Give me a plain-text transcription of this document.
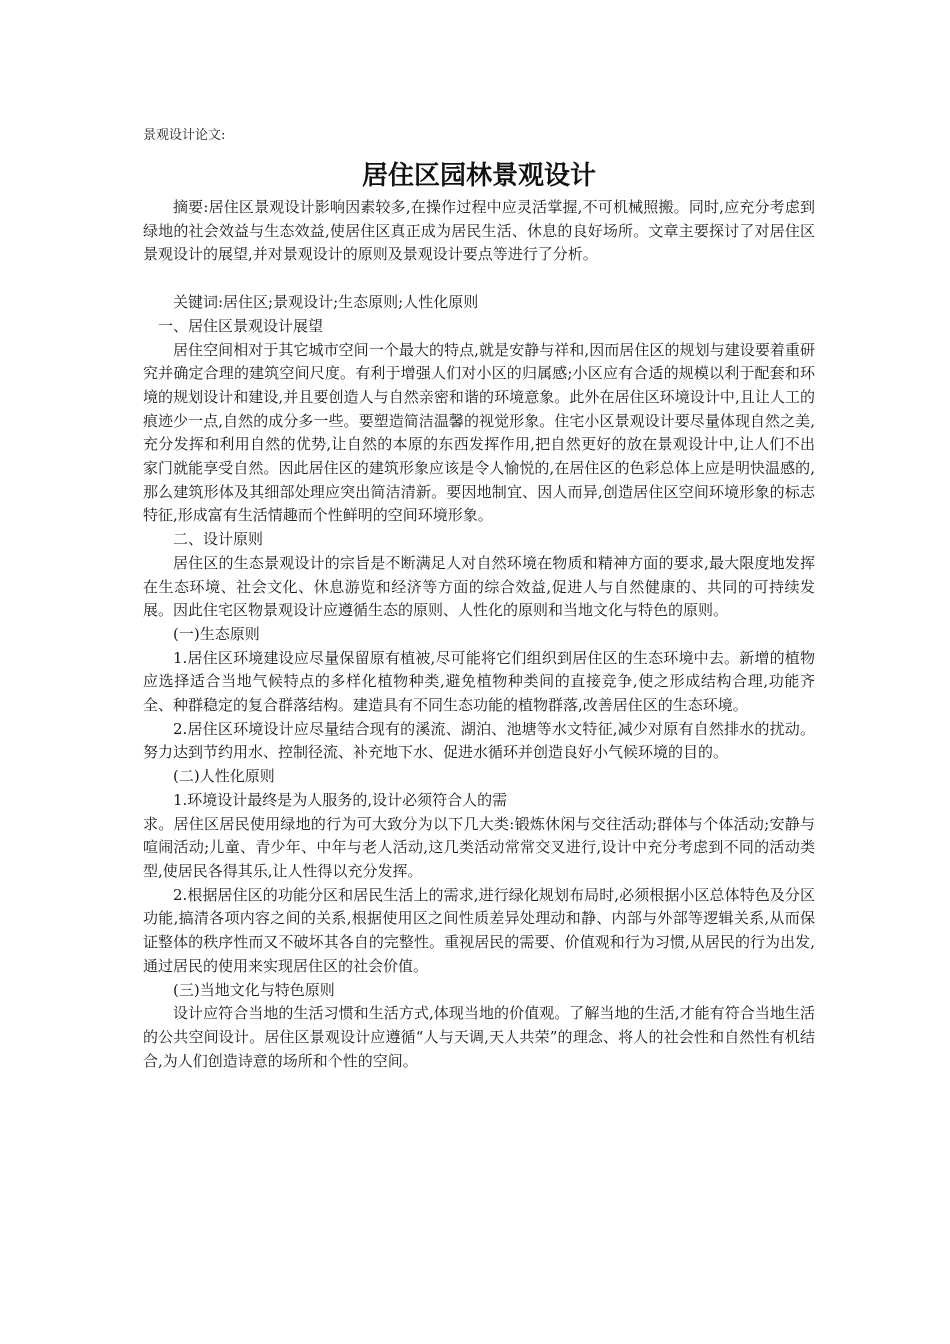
景观设计论文:
居住区园林景观设计

摘要:居住区景观设计影响因素较多,在操作过程中应灵活掌握,不可机械照搬。同时,应充分考虑到绿地的社会效益与生态效益,使居住区真正成为居民生活、休息的良好场所。文章主要探讨了对居住区景观设计的展望,并对景观设计的原则及景观设计要点等进行了分析。

关键词:居住区;景观设计;生态原则;人性化原则

一、居住区景观设计展望

居住空间相对于其它城市空间一个最大的特点,就是安静与祥和,因而居住区的规划与建设要着重研究并确定合理的建筑空间尺度。有利于增强人们对小区的归属感;小区应有合适的规模以利于配套和环境的规划设计和建设,并且要创造人与自然亲密和谐的环境意象。此外在居住区环境设计中,且让人工的痕迹少一点,自然的成分多一些。要塑造简洁温馨的视觉形象。住宅小区景观设计要尽量体现自然之美,充分发挥和利用自然的优势,让自然的本原的东西发挥作用,把自然更好的放在景观设计中,让人们不出家门就能享受自然。因此居住区的建筑形象应该是令人愉悦的,在居住区的色彩总体上应是明快温感的,那么建筑形体及其细部处理应突出简洁清新。要因地制宜、因人而异,创造居住区空间环境形象的标志特征,形成富有生活情趣而个性鲜明的空间环境形象。

二、设计原则

居住区的生态景观设计的宗旨是不断满足人对自然环境在物质和精神方面的要求,最大限度地发挥在生态环境、社会文化、休息游览和经济等方面的综合效益,促进人与自然健康的、共同的可持续发展。因此住宅区物景观设计应遵循生态的原则、人性化的原则和当地文化与特色的原则。

(一)生态原则

1.居住区环境建设应尽量保留原有植被,尽可能将它们组织到居住区的生态环境中去。新增的植物应选择适合当地气候特点的多样化植物种类,避免植物种类间的直接竞争,使之形成结构合理,功能齐全、种群稳定的复合群落结构。建造具有不同生态功能的植物群落,改善居住区的生态环境。

2.居住区环境设计应尽量结合现有的溪流、湖泊、池塘等水文特征,减少对原有自然排水的扰动。努力达到节约用水、控制径流、补充地下水、促进水循环并创造良好小气候环境的目的。

(二)人性化原则

1.环境设计最终是为人服务的,设计必须符合人的需

求。居住区居民使用绿地的行为可大致分为以下几大类:锻炼休闲与交往活动;群体与个体活动;安静与喧闹活动;儿童、青少年、中年与老人活动,这几类活动常常交叉进行,设计中充分考虑到不同的活动类型,使居民各得其乐,让人性得以充分发挥。

2.根据居住区的功能分区和居民生活上的需求,进行绿化规划布局时,必须根据小区总体特色及分区功能,搞清各项内容之间的关系,根据使用区之间性质差异处理动和静、内部与外部等逻辑关系,从而保证整体的秩序性而又不破坏其各自的完整性。重视居民的需要、价值观和行为习惯,从居民的行为出发,通过居民的使用来实现居住区的社会价值。

(三)当地文化与特色原则

设计应符合当地的生活习惯和生活方式,体现当地的价值观。了解当地的生活,才能有符合当地生活的公共空间设计。居住区景观设计应遵循“人与天调,天人共荣”的理念、将人的社会性和自然性有机结合,为人们创造诗意的场所和个性的空间。
